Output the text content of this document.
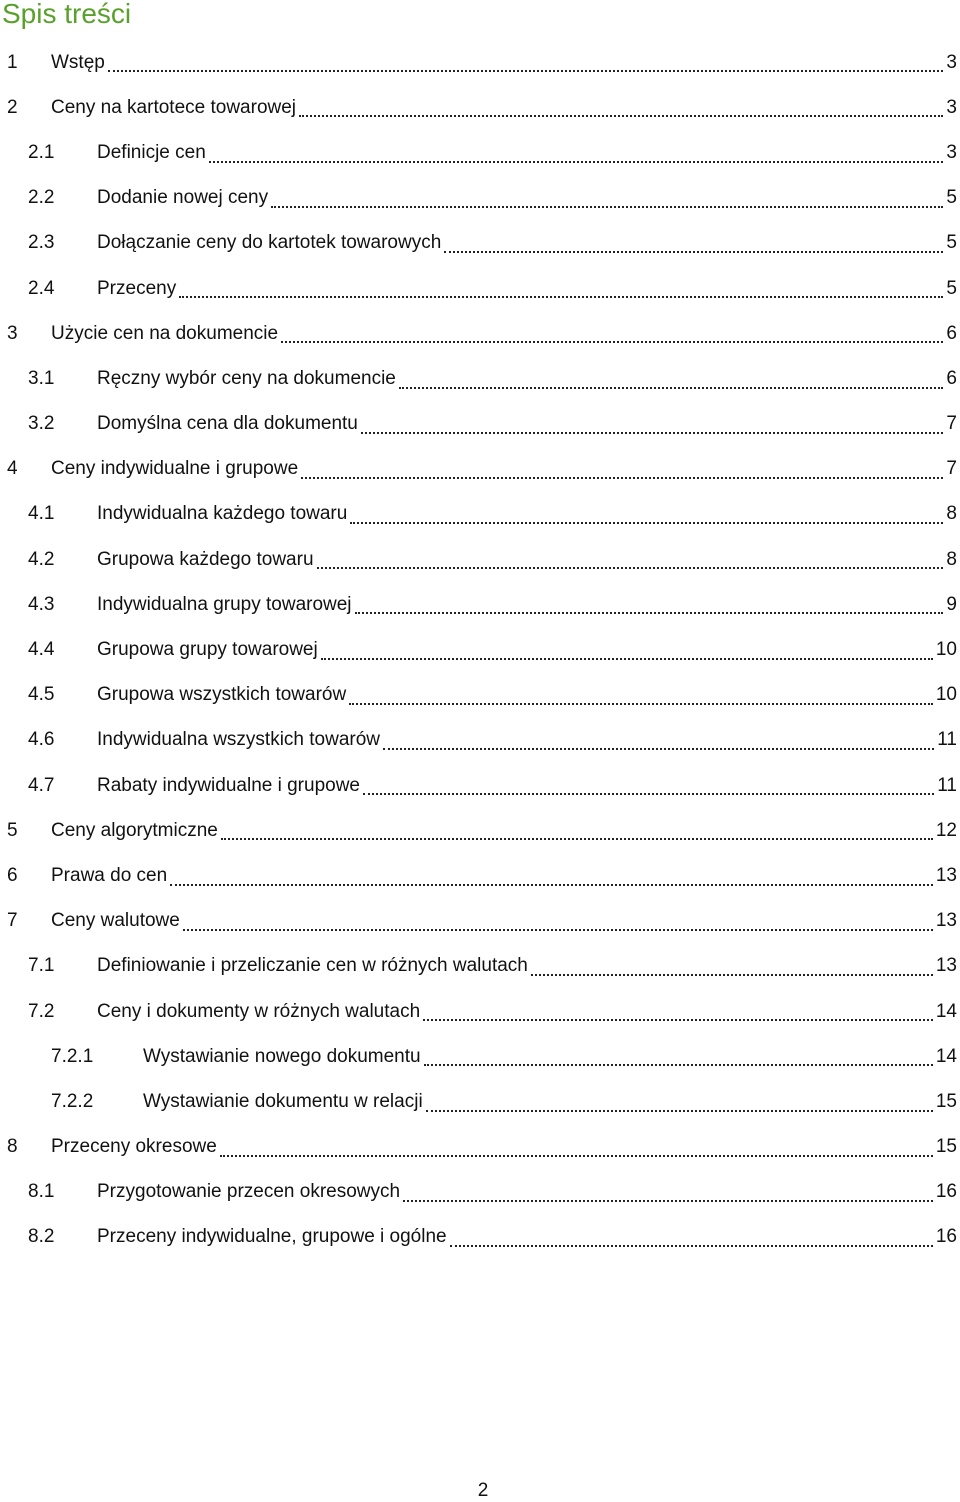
Spis treści
1	Wstęp	3
2	Ceny na kartotece towarowej	3
2.1	Definicje cen	3
2.2	Dodanie nowej ceny	5
2.3	Dołączanie ceny do kartotek towarowych	5
2.4	Przeceny	5
3	Użycie cen na dokumencie	6
3.1	Ręczny wybór ceny na dokumencie	6
3.2	Domyślna cena dla dokumentu	7
4	Ceny indywidualne i grupowe	7
4.1	Indywidualna każdego towaru	8
4.2	Grupowa każdego towaru	8
4.3	Indywidualna grupy towarowej	9
4.4	Grupowa grupy towarowej	10
4.5	Grupowa wszystkich towarów	10
4.6	Indywidualna wszystkich towarów	11
4.7	Rabaty indywidualne i grupowe	11
5	Ceny algorytmiczne	12
6	Prawa do cen	13
7	Ceny walutowe	13
7.1	Definiowanie i przeliczanie cen w różnych walutach	13
7.2	Ceny i dokumenty w różnych walutach	14
7.2.1	Wystawianie nowego dokumentu	14
7.2.2	Wystawianie dokumentu w relacji	15
8	Przeceny okresowe	15
8.1	Przygotowanie przecen okresowych	16
8.2	Przeceny indywidualne, grupowe i ogólne	16
2
